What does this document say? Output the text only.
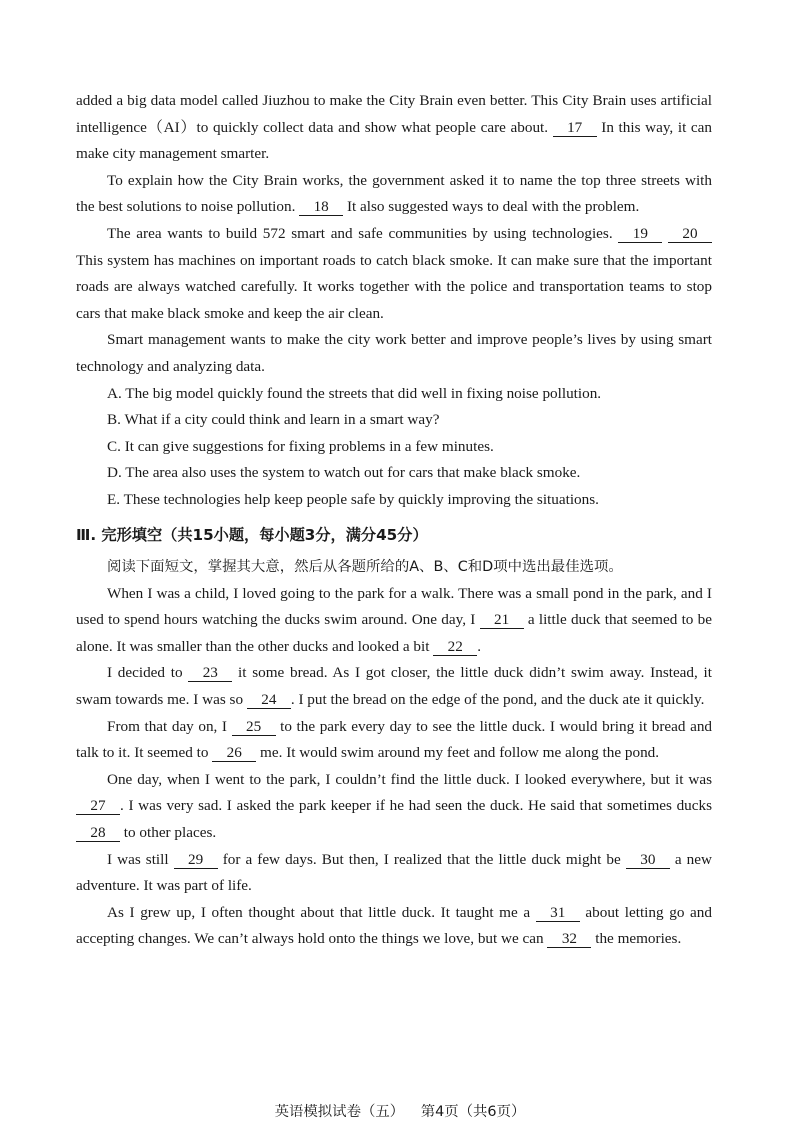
added a big data model called Jiuzhou to make the City Brain even better. This City Brain uses artificial intelligence（AI）to quickly collect data and show what people care about. 17 In this way, it can make city management smarter.

To explain how the City Brain works, the government asked it to name the top three streets with the best solutions to noise pollution. 18 It also suggested ways to deal with the problem.

The area wants to build 572 smart and safe communities by using technologies. 19 20 This system has machines on important roads to catch black smoke. It can make sure that the important roads are always watched carefully. It works together with the police and transportation teams to stop cars that make black smoke and keep the air clean.

Smart management wants to make the city work better and improve people’s lives by using smart technology and analyzing data.

A. The big model quickly found the streets that did well in fixing noise pollution.

B. What if a city could think and learn in a smart way?

C. It can give suggestions for fixing problems in a few minutes.

D. The area also uses the system to watch out for cars that make black smoke.

E. These technologies help keep people safe by quickly improving the situations.

Ⅲ. 完形填空（共15小题，每小题3分，满分45分）

阅读下面短文，掌握其大意，然后从各题所给的A、B、C和D项中选出最佳选项。

When I was a child, I loved going to the park for a walk. There was a small pond in the park, and I used to spend hours watching the ducks swim around. One day, I 21 a little duck that seemed to be alone. It was smaller than the other ducks and looked a bit 22 .

I decided to 23 it some bread. As I got closer, the little duck didn’t swim away. Instead, it swam towards me. I was so 24 . I put the bread on the edge of the pond, and the duck ate it quickly.

From that day on, I 25 to the park every day to see the little duck. I would bring it bread and talk to it. It seemed to 26 me. It would swim around my feet and follow me along the pond.

One day, when I went to the park, I couldn’t find the little duck. I looked everywhere, but it was 27 . I was very sad. I asked the park keeper if he had seen the duck. He said that sometimes ducks 28 to other places.

I was still 29 for a few days. But then, I realized that the little duck might be 30 a new adventure. It was part of life.

As I grew up, I often thought about that little duck. It taught me a 31 about letting go and accepting changes. We can’t always hold onto the things we love, but we can 32 the memories.

英语模拟试卷（五） 第4页（共6页）
